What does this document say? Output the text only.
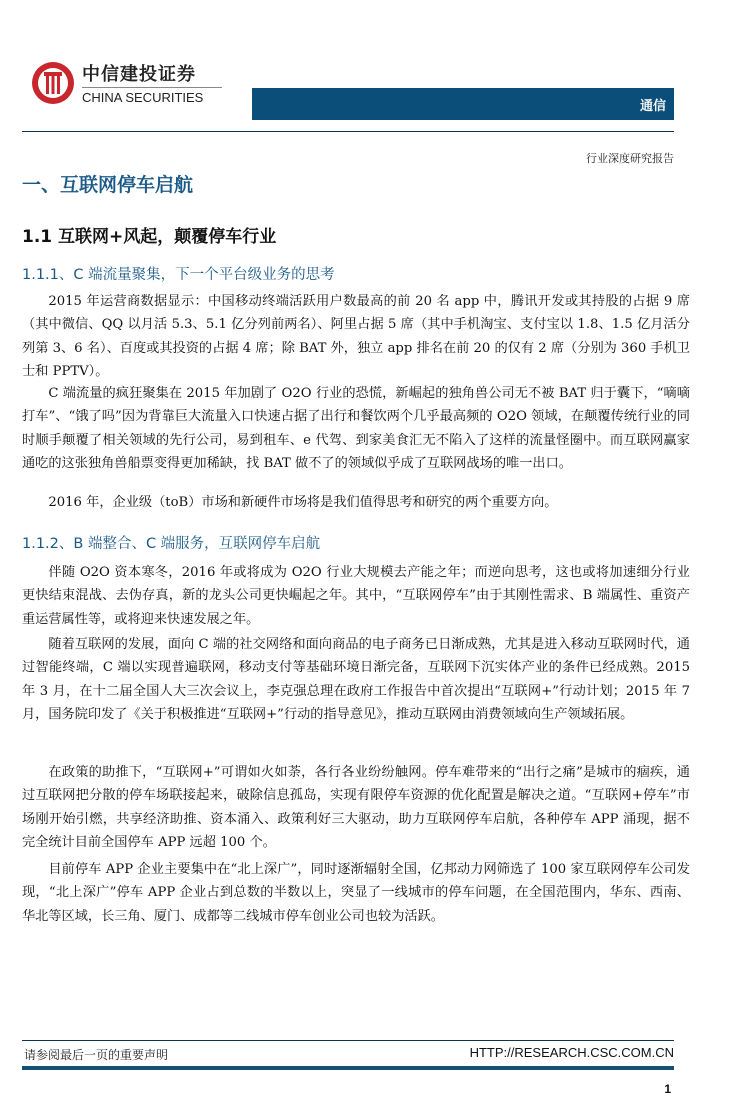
中信建投证券
CHINA SECURITIES
通信
行业深度研究报告
一、互联网停车启航
1.1 互联网+风起，颠覆停车行业
1.1.1、C 端流量聚集，下一个平台级业务的思考

2015 年运营商数据显示：中国移动终端活跃用户数最高的前 20 名 app 中，腾讯开发或其持股的占据 9 席（其中微信、QQ 以月活 5.3、5.1 亿分列前两名）、阿里占据 5 席（其中手机淘宝、支付宝以 1.8、1.5 亿月活分列第 3、6 名）、百度或其投资的占据 4 席；除 BAT 外，独立 app 排名在前 20 的仅有 2 席（分别为 360 手机卫士和 PPTV）。

C 端流量的疯狂聚集在 2015 年加剧了 O2O 行业的恐慌，新崛起的独角兽公司无不被 BAT 归于囊下，“嘀嘀打车”、“饿了吗”因为背靠巨大流量入口快速占据了出行和餐饮两个几乎最高频的 O2O 领域，在颠覆传统行业的同时顺手颠覆了相关领域的先行公司，易到租车、e 代驾、到家美食汇无不陷入了这样的流量怪圈中。而互联网赢家通吃的这张独角兽船票变得更加稀缺，找 BAT 做不了的领域似乎成了互联网战场的唯一出口。

2016 年，企业级（toB）市场和新硬件市场将是我们值得思考和研究的两个重要方向。

1.1.2、B 端整合、C 端服务，互联网停车启航

伴随 O2O 资本寒冬，2016 年或将成为 O2O 行业大规模去产能之年；而逆向思考，这也或将加速细分行业更快结束混战、去伪存真，新的龙头公司更快崛起之年。其中，“互联网停车”由于其刚性需求、B 端属性、重资产重运营属性等，或将迎来快速发展之年。

随着互联网的发展，面向 C 端的社交网络和面向商品的电子商务已日渐成熟，尤其是进入移动互联网时代，通过智能终端，C 端以实现普遍联网，移动支付等基础环境日渐完备，互联网下沉实体产业的条件已经成熟。2015 年 3 月，在十二届全国人大三次会议上，李克强总理在政府工作报告中首次提出“互联网+”行动计划；2015 年 7 月，国务院印发了《关于积极推进“互联网+”行动的指导意见》，推动互联网由消费领域向生产领域拓展。

在政策的助推下，“互联网+”可谓如火如荼，各行各业纷纷触网。停车难带来的“出行之痛”是城市的痼疾，通过互联网把分散的停车场联接起来，破除信息孤岛，实现有限停车资源的优化配置是解决之道。“互联网+停车”市场刚开始引燃，共享经济助推、资本涌入、政策利好三大驱动，助力互联网停车启航，各种停车 APP 涌现，据不完全统计目前全国停车 APP 远超 100 个。

目前停车 APP 企业主要集中在“北上深广”，同时逐渐辐射全国，亿邦动力网筛选了 100 家互联网停车公司发现，“北上深广”停车 APP 企业占到总数的半数以上，突显了一线城市的停车问题，在全国范围内，华东、西南、华北等区域，长三角、厦门、成都等二线城市停车创业公司也较为活跃。

请参阅最后一页的重要声明	HTTP://RESEARCH.CSC.COM.CN
1
